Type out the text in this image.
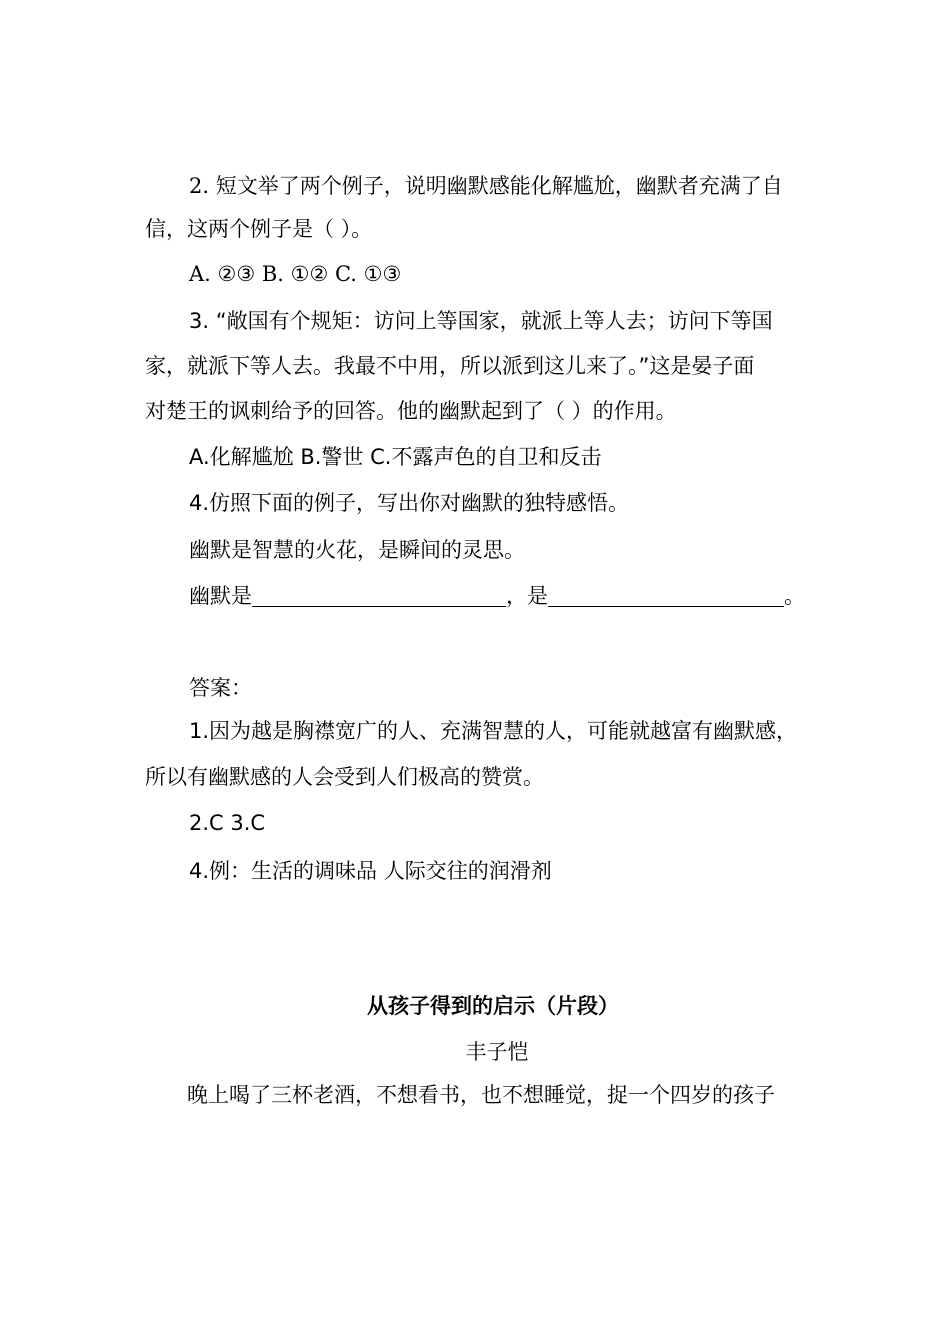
2. 短文举了两个例子，说明幽默感能化解尴尬，幽默者充满了自
信，这两个例子是（ ）。
A. ②③ B. ①② C. ①③
3. “敞国有个规矩：访问上等国家，就派上等人去；访问下等国
家，就派下等人去。我最不中用，所以派到这儿来了。”这是晏子面
对楚王的讽刺给予的回答。他的幽默起到了（ ）的作用。
A.化解尴尬 B.警世 C.不露声色的自卫和反击
4.仿照下面的例子，写出你对幽默的独特感悟。
幽默是智慧的火花，是瞬间的灵思。
幽默是	，是	。
答案：
1.因为越是胸襟宽广的人、充满智慧的人，可能就越富有幽默感，
所以有幽默感的人会受到人们极高的赞赏。
2.C 3.C
4.例：生活的调味品 人际交往的润滑剂
从孩子得到的启示（片段）
丰子恺
晚上喝了三杯老酒，不想看书，也不想睡觉，捉一个四岁的孩子
